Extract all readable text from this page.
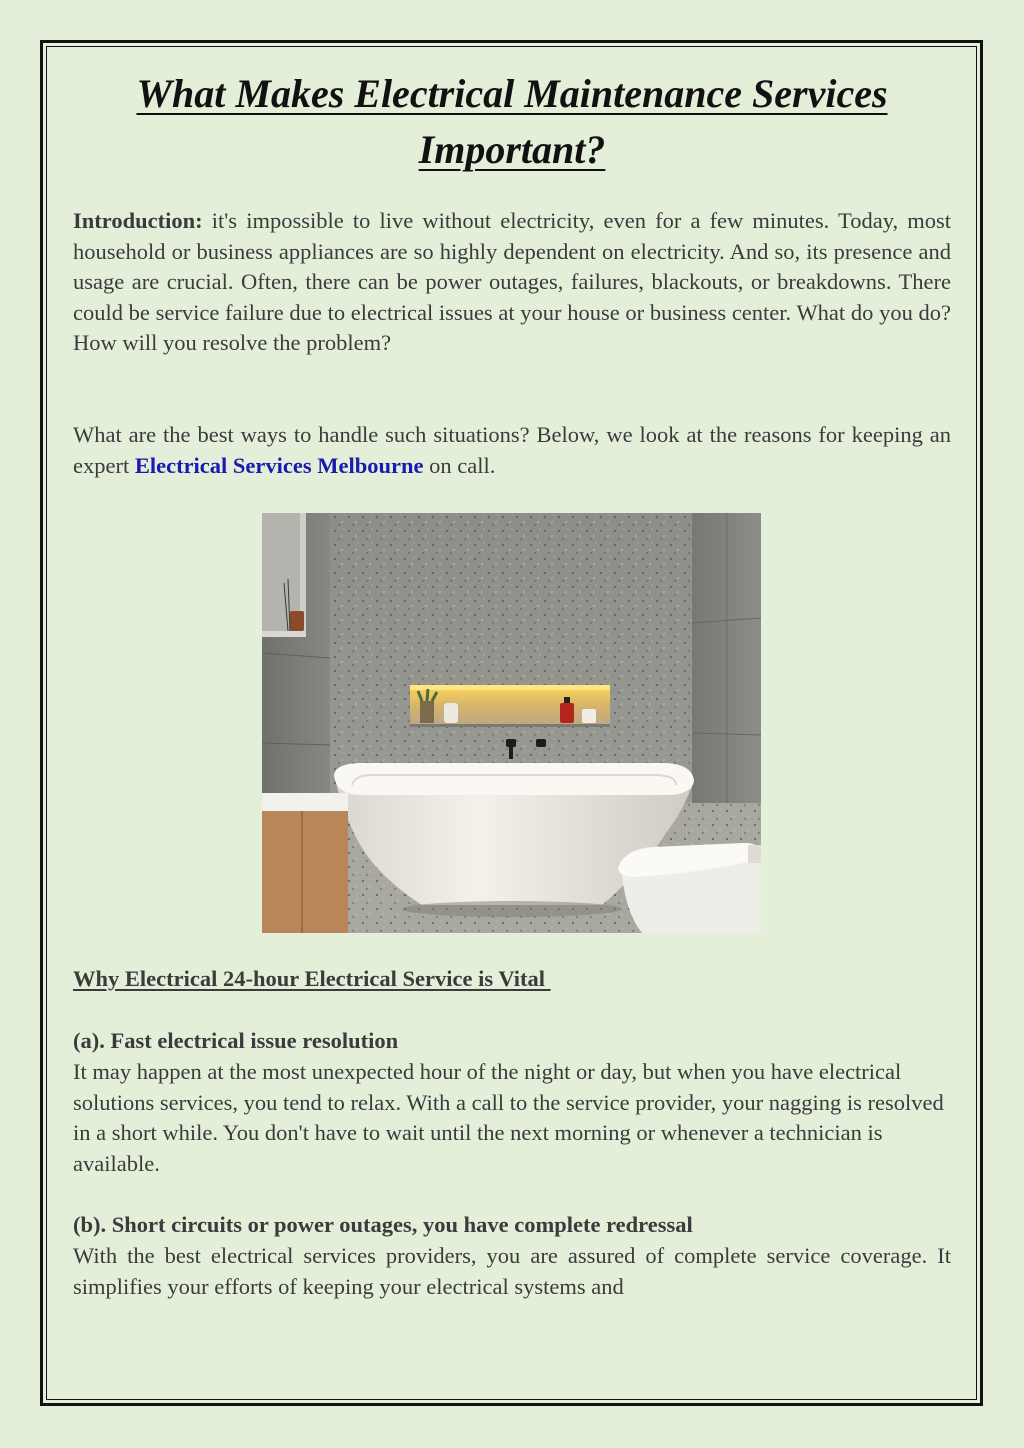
What Makes Electrical Maintenance Services Important?

Introduction: it's impossible to live without electricity, even for a few minutes. Today, most household or business appliances are so highly dependent on electricity. And so, its presence and usage are crucial. Often, there can be power outages, failures, blackouts, or breakdowns. There could be service failure due to electrical issues at your house or business center. What do you do? How will you resolve the problem?

What are the best ways to handle such situations? Below, we look at the reasons for keeping an expert Electrical Services Melbourne on call.

Why Electrical 24-hour Electrical Service is Vital
(a). Fast electrical issue resolution

It may happen at the most unexpected hour of the night or day, but when you have electrical solutions services, you tend to relax. With a call to the service provider, your nagging is resolved in a short while. You don't have to wait until the next morning or whenever a technician is available.

(b). Short circuits or power outages, you have complete redressal

With the best electrical services providers, you are assured of complete service coverage. It simplifies your efforts of keeping your electrical systems and
